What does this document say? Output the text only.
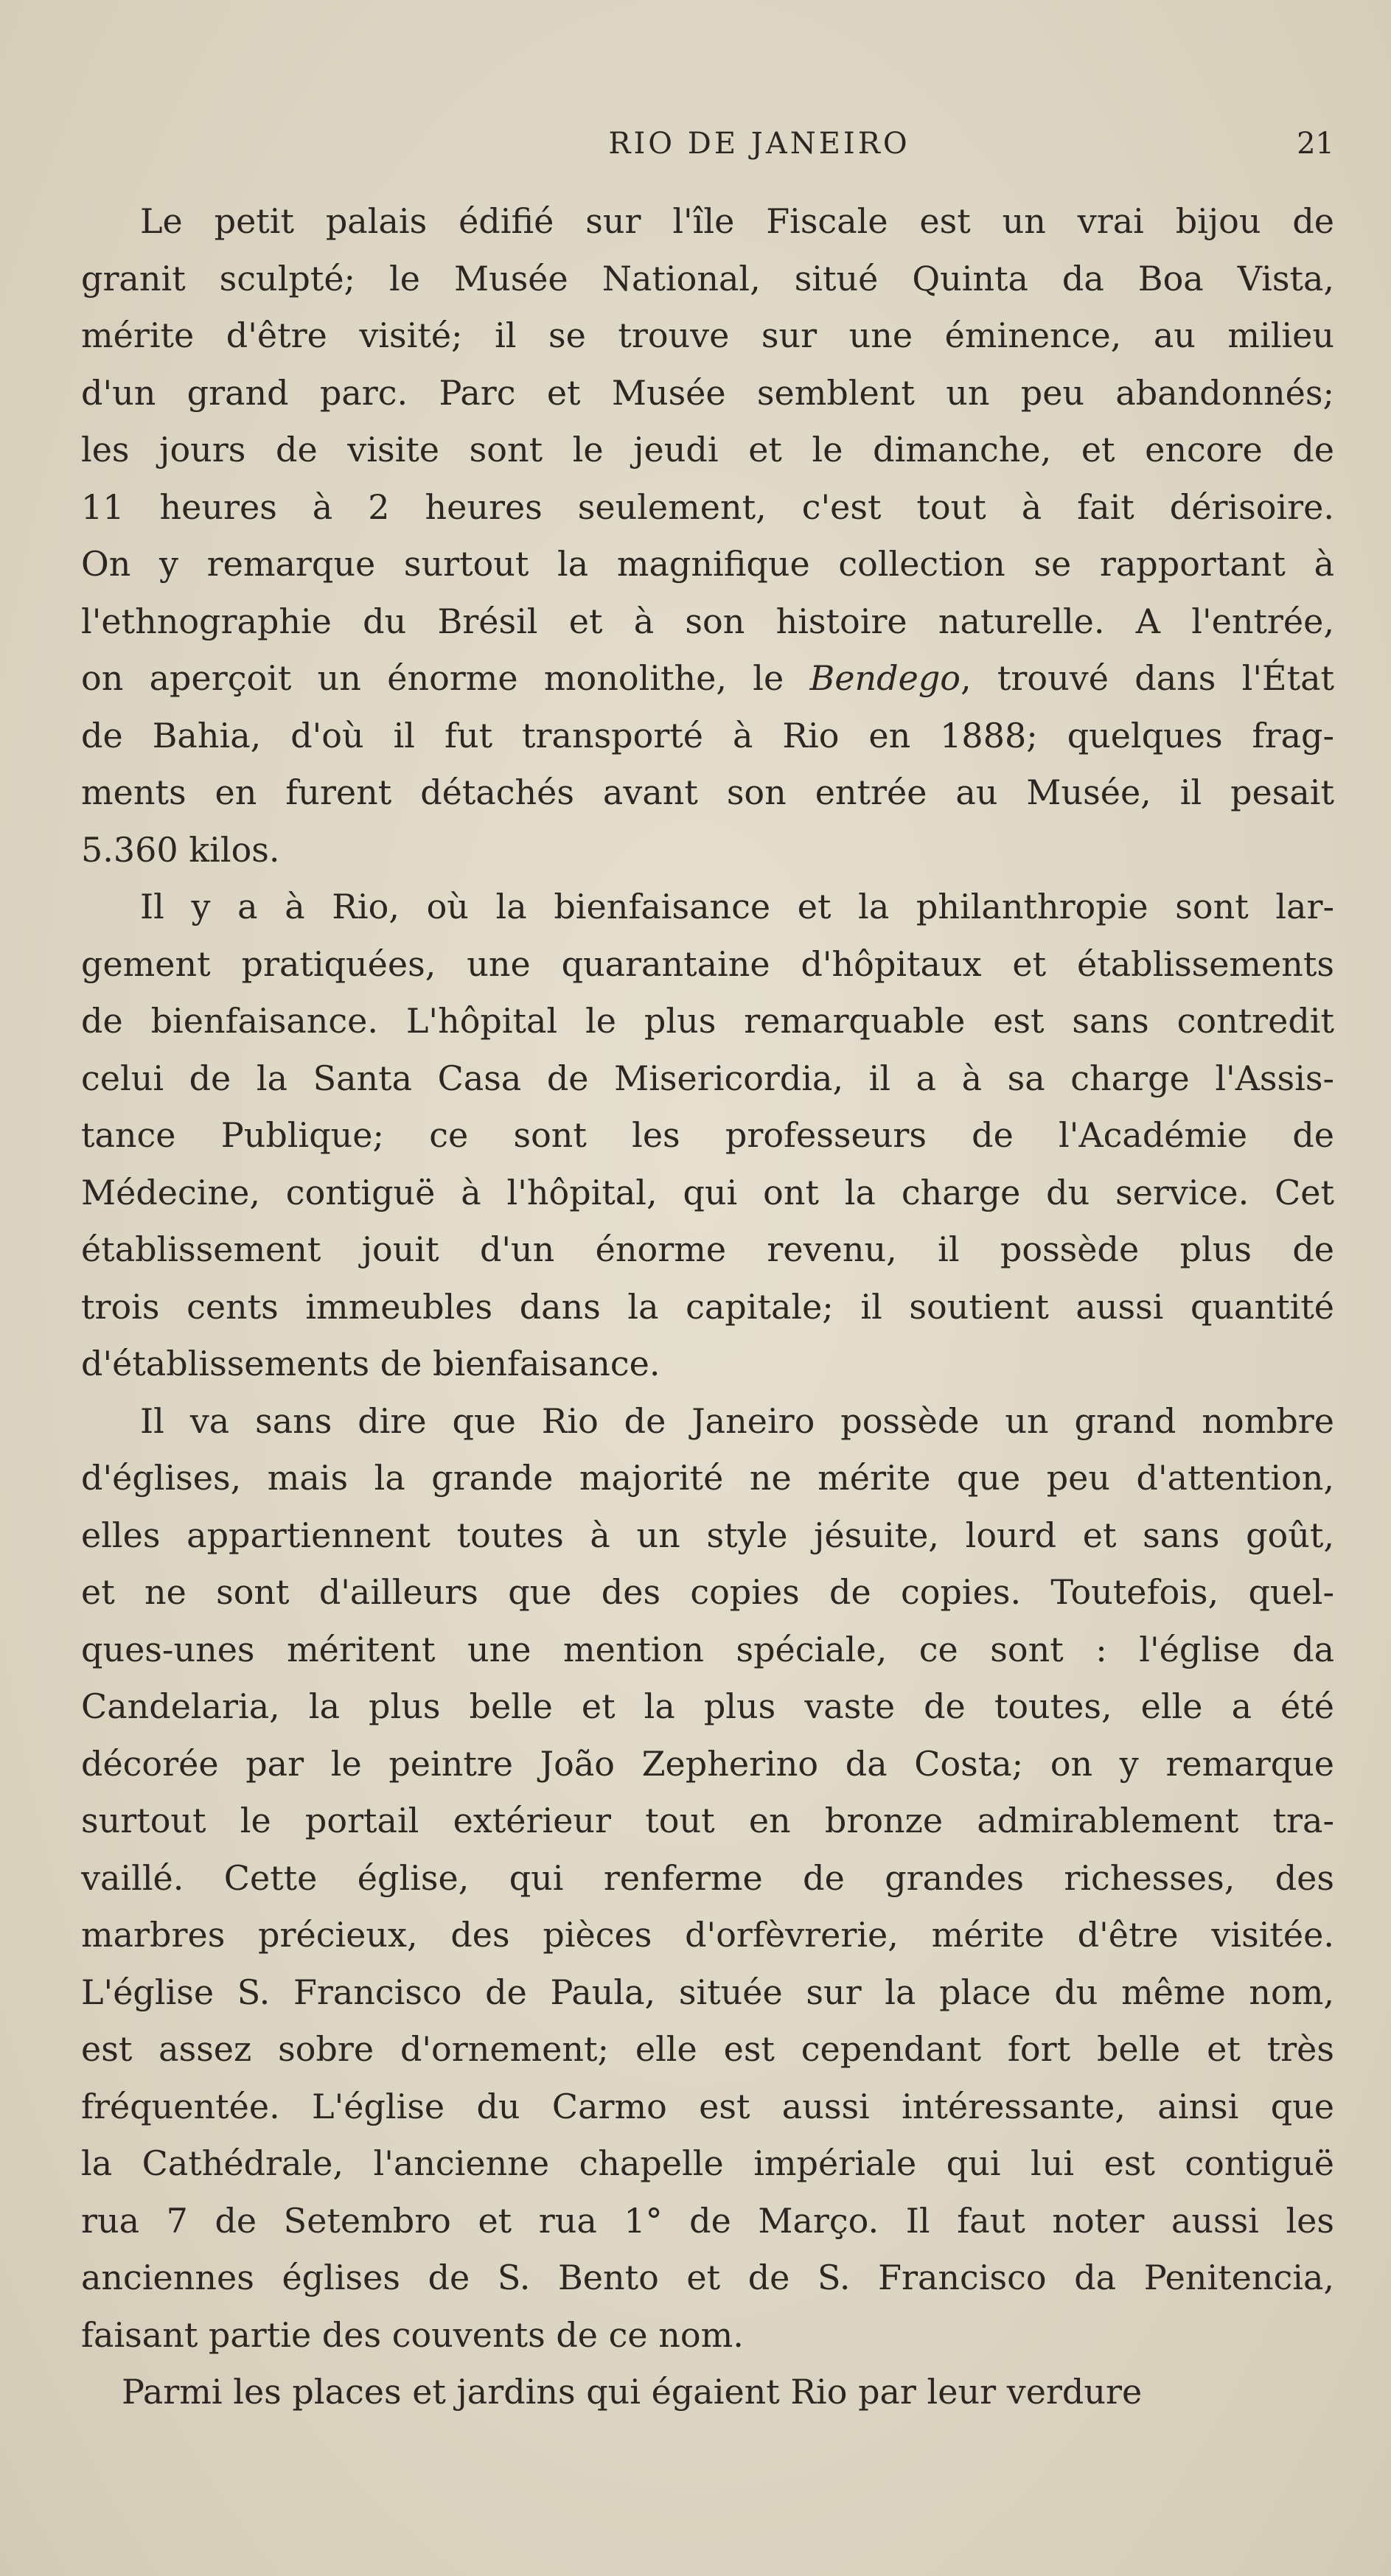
RIO DE JANEIRO	21
Le petit palais édifié sur l'île Fiscale est un vrai bijou de
granit sculpté; le Musée National, situé Quinta da Boa Vista,
mérite d'être visité; il se trouve sur une éminence, au milieu
d'un grand parc. Parc et Musée semblent un peu abandonnés;
les jours de visite sont le jeudi et le dimanche, et encore de
11 heures à 2 heures seulement, c'est tout à fait dérisoire.
On y remarque surtout la magnifique collection se rapportant à
l'ethnographie du Brésil et à son histoire naturelle. A l'entrée,
on aperçoit un énorme monolithe, le Bendego, trouvé dans l'État
de Bahia, d'où il fut transporté à Rio en 1888; quelques frag-
ments en furent détachés avant son entrée au Musée, il pesait
5.360 kilos.
Il y a à Rio, où la bienfaisance et la philanthropie sont lar-
gement pratiquées, une quarantaine d'hôpitaux et établissements
de bienfaisance. L'hôpital le plus remarquable est sans contredit
celui de la Santa Casa de Misericordia, il a à sa charge l'Assis-
tance Publique; ce sont les professeurs de l'Académie de
Médecine, contiguë à l'hôpital, qui ont la charge du service. Cet
établissement jouit d'un énorme revenu, il possède plus de
trois cents immeubles dans la capitale; il soutient aussi quantité
d'établissements de bienfaisance.
Il va sans dire que Rio de Janeiro possède un grand nombre
d'églises, mais la grande majorité ne mérite que peu d'attention,
elles appartiennent toutes à un style jésuite, lourd et sans goût,
et ne sont d'ailleurs que des copies de copies. Toutefois, quel-
ques-unes méritent une mention spéciale, ce sont : l'église da
Candelaria, la plus belle et la plus vaste de toutes, elle a été
décorée par le peintre João Zepherino da Costa; on y remarque
surtout le portail extérieur tout en bronze admirablement tra-
vaillé. Cette église, qui renferme de grandes richesses, des
marbres précieux, des pièces d'orfèvrerie, mérite d'être visitée.
L'église S. Francisco de Paula, située sur la place du même nom,
est assez sobre d'ornement; elle est cependant fort belle et très
fréquentée. L'église du Carmo est aussi intéressante, ainsi que
la Cathédrale, l'ancienne chapelle impériale qui lui est contiguë
rua 7 de Setembro et rua 1° de Março. Il faut noter aussi les
anciennes églises de S. Bento et de S. Francisco da Penitencia,
faisant partie des couvents de ce nom.
Parmi les places et jardins qui égaient Rio par leur verdure
